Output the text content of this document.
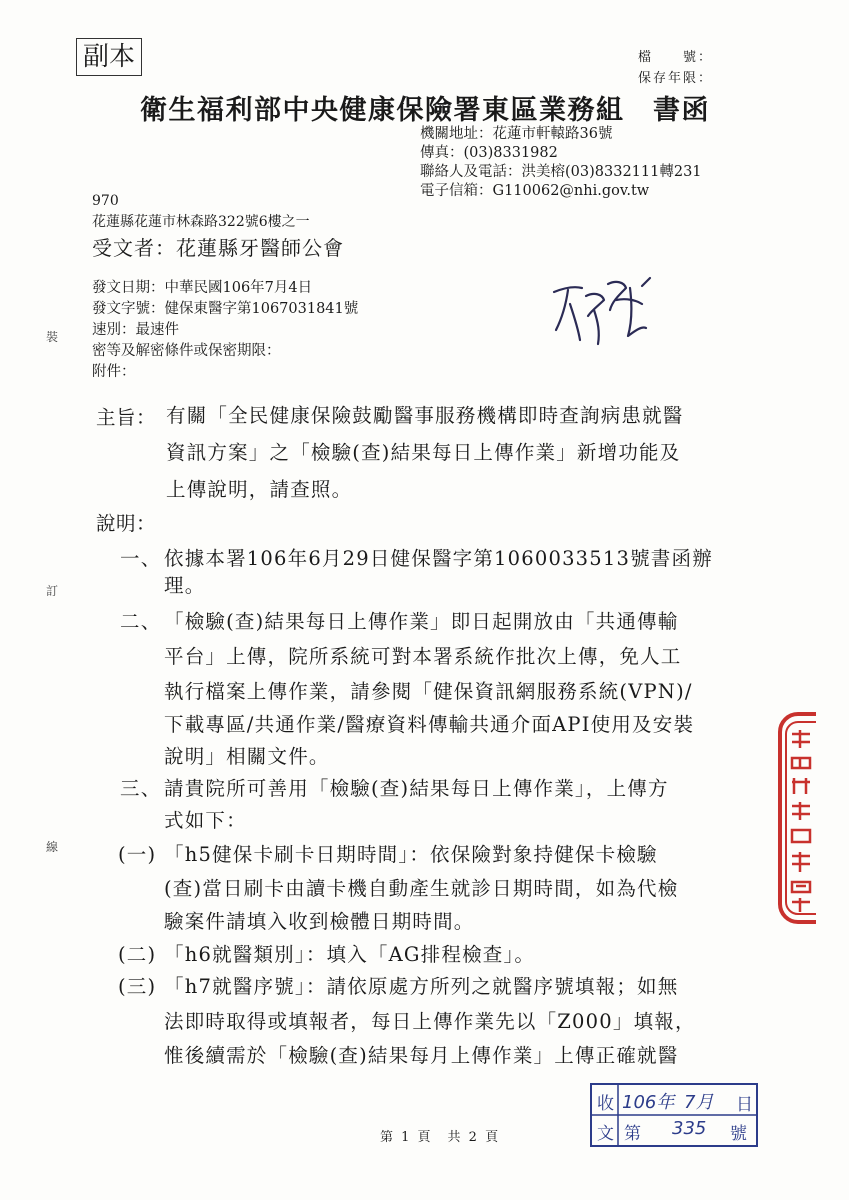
副本	檔　　號：
保存年限：
衛生福利部中央健康保險署東區業務組　書函
機關地址：花蓮市軒轅路36號
傳真：(03)8331982
聯絡人及電話：洪美榕(03)8332111轉231
電子信箱：G110062@nhi.gov.tw
970
花蓮縣花蓮市林森路322號6樓之一
受文者：花蓮縣牙醫師公會
發文日期：中華民國106年7月4日
發文字號：健保東醫字第1067031841號
速別：最速件
密等及解密條件或保密期限：
附件：
裝
訂
線
主旨： 有關「全民健康保險鼓勵醫事服務機構即時查詢病患就醫
資訊方案」之「檢驗(查)結果每日上傳作業」新增功能及
上傳說明，請查照。
說明：
一、 依據本署106年6月29日健保醫字第1060033513號書函辦
理。
二、 「檢驗(查)結果每日上傳作業」即日起開放由「共通傳輸
平台」上傳，院所系統可對本署系統作批次上傳，免人工
執行檔案上傳作業，請參閱「健保資訊網服務系統(VPN)/
下載專區/共通作業/醫療資料傳輸共通介面API使用及安裝
說明」相關文件。
三、 請貴院所可善用「檢驗(查)結果每日上傳作業」，上傳方
式如下：
(一) 「h5健保卡刷卡日期時間」：依保險對象持健保卡檢驗
(查)當日刷卡由讀卡機自動產生就診日期時間，如為代檢
驗案件請填入收到檢體日期時間。
(二) 「h6就醫類別」：填入「AG排程檢查」。
(三) 「h7就醫序號」：請依原處方所列之就醫序號填報；如無
法即時取得或填報者，每日上傳作業先以「Z000」填報，
惟後續需於「檢驗(查)結果每月上傳作業」上傳正確就醫
收
文
106年 7月 日
第 335 號
第 1 頁　共 2 頁
